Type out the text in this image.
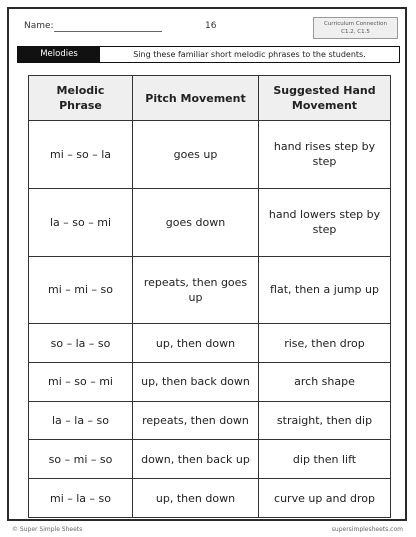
Name:	16	Curriculum Connection
C1.2, C1.5
Melodies	Sing these familiar short melodic phrases to the students.
Melodic Phrase	Pitch Movement	Suggested Hand Movement
mi – so – la	goes up	hand rises step by step
la – so – mi	goes down	hand lowers step by step
mi – mi – so	repeats, then goes up	flat, then a jump up
so – la – so	up, then down	rise, then drop
mi – so – mi	up, then back down	arch shape
la – la – so	repeats, then down	straight, then dip
so – mi – so	down, then back up	dip then lift
mi – la – so	up, then down	curve up and drop
© Super Simple Sheets	supersimplesheets.com
